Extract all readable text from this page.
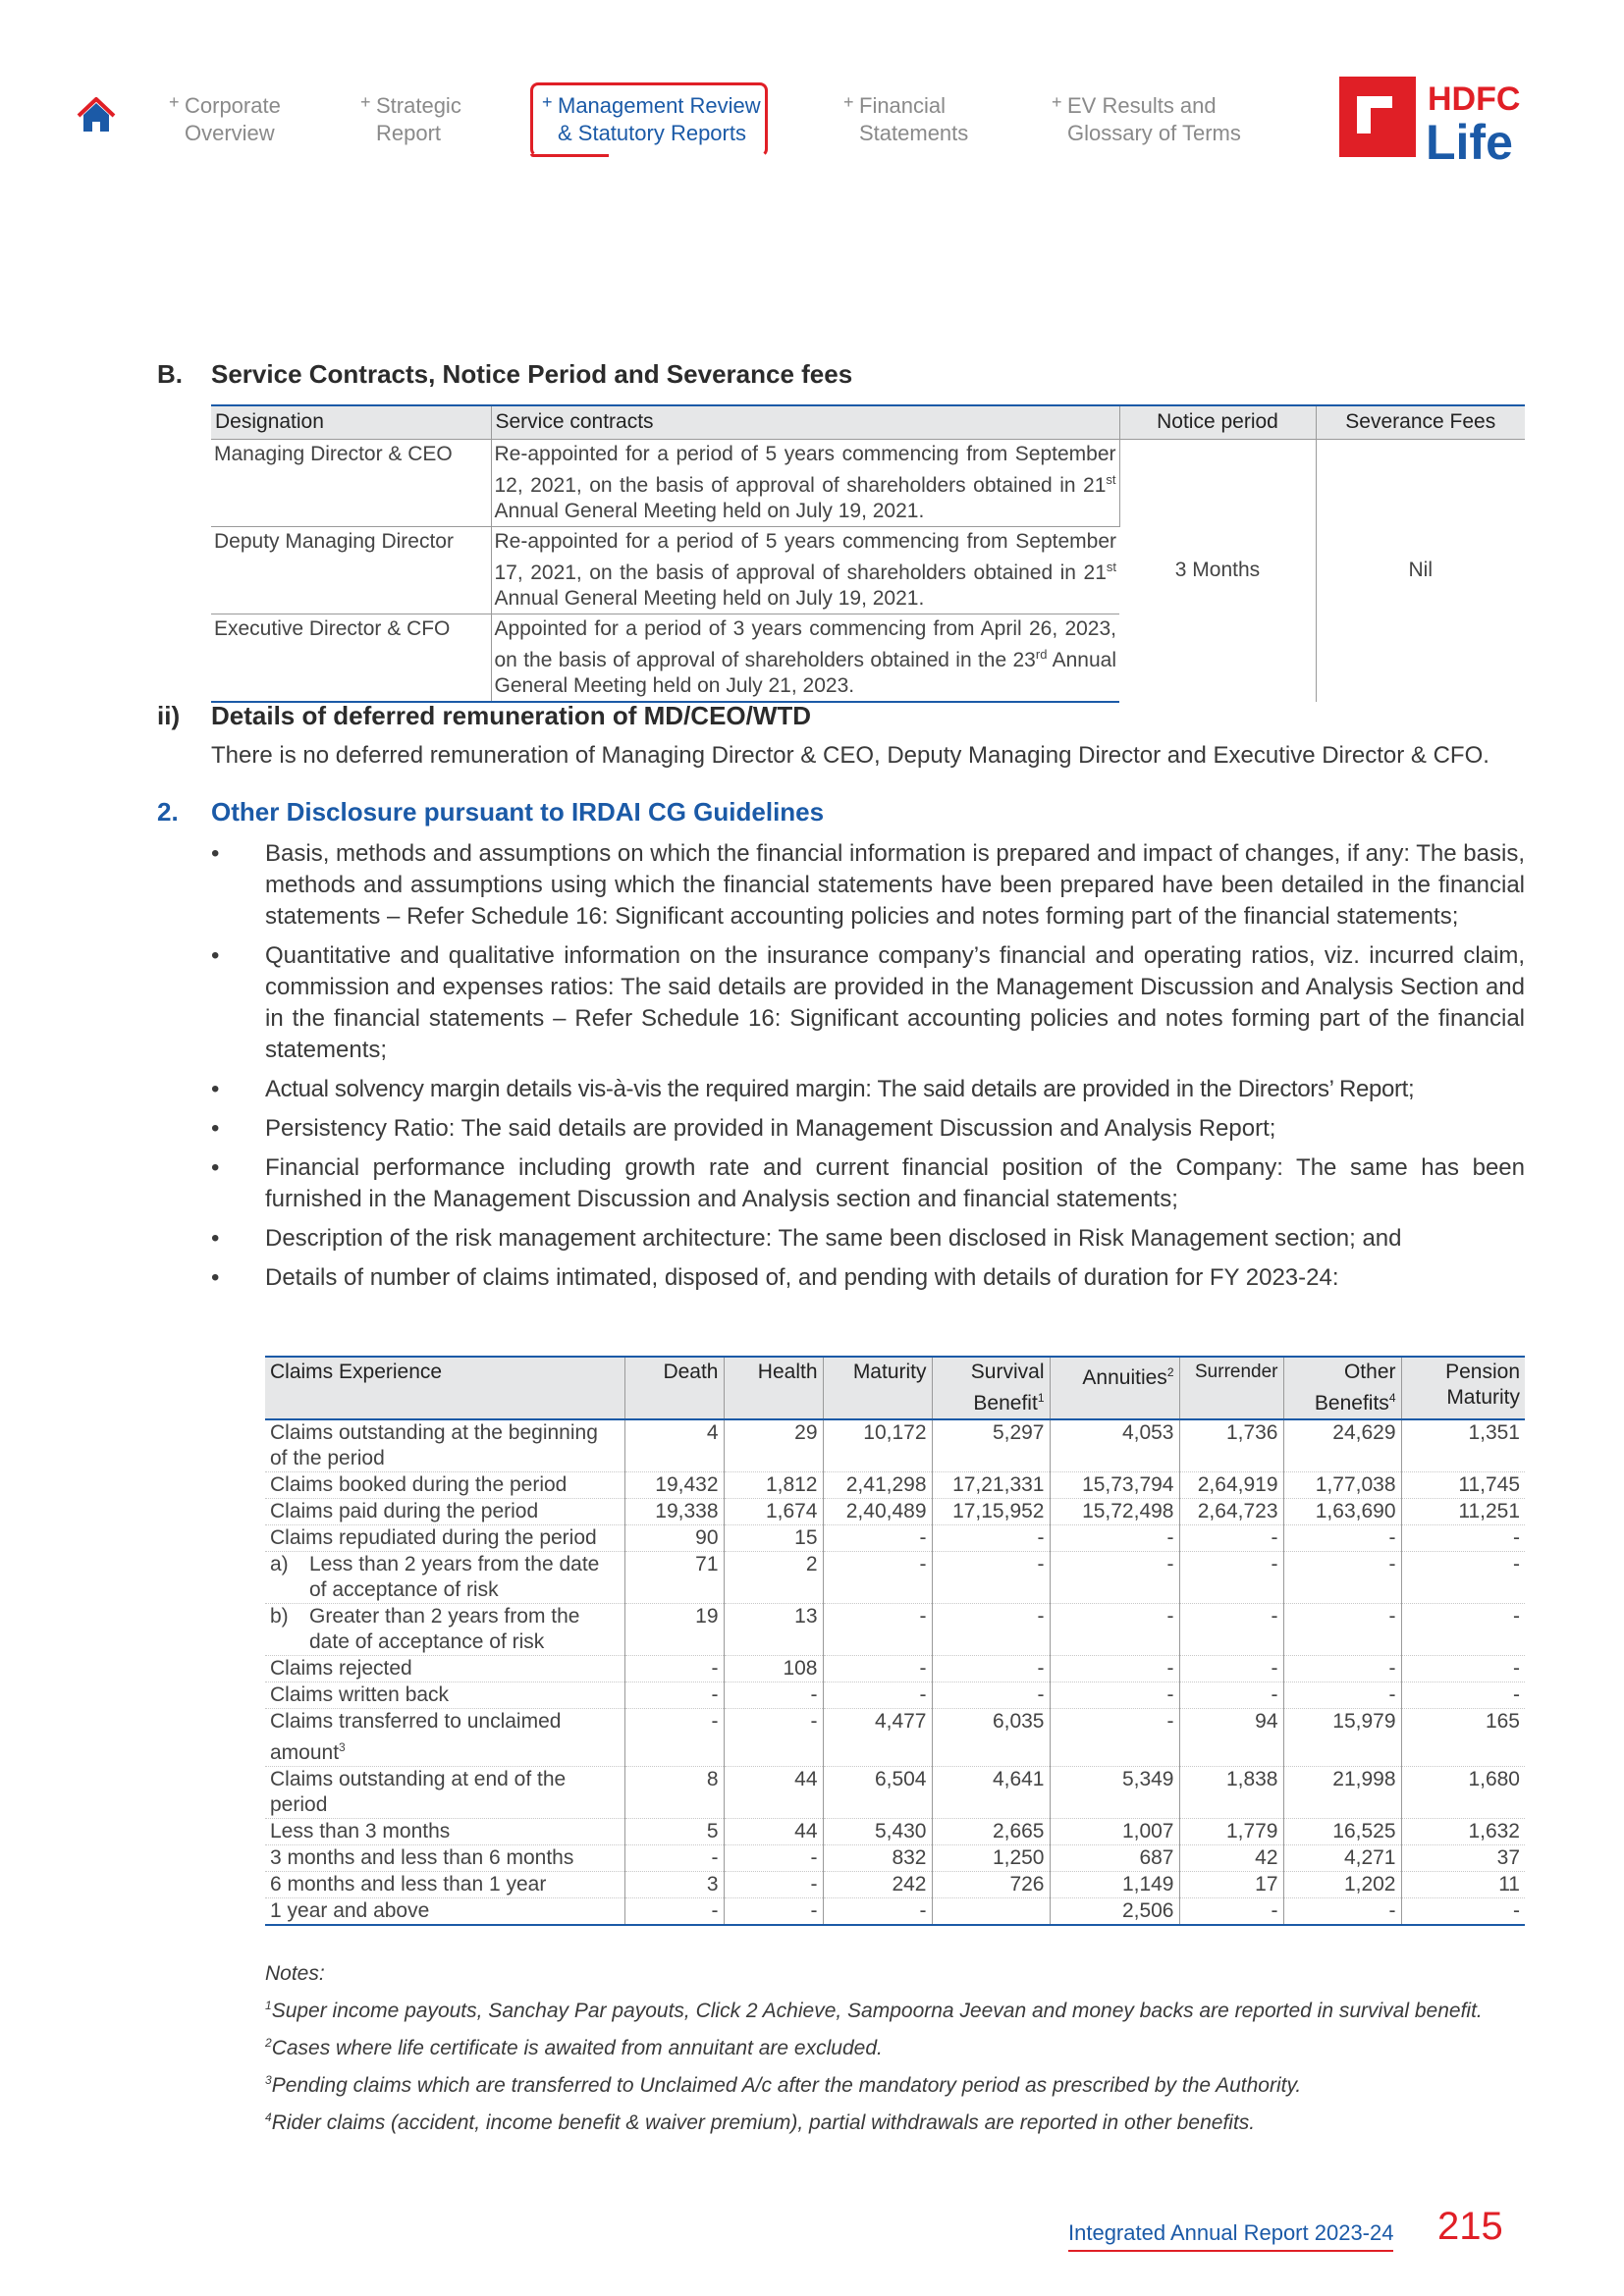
+ Corporate
Overview
+ Strategic
Report
+ Management Review
& Statutory Reports
+ Financial
Statements
+ EV Results and
Glossary of Terms
HDFC
Life
B. Service Contracts, Notice Period and Severance fees
Designation	Service contracts	Notice period	Severance Fees
Managing Director & CEO	Re-appointed for a period of 5 years commencing from September 12, 2021, on the basis of approval of shareholders obtained in 21st Annual General Meeting held on July 19, 2021.	3 Months	Nil
Deputy Managing Director	Re-appointed for a period of 5 years commencing from September 17, 2021, on the basis of approval of shareholders obtained in 21st Annual General Meeting held on July 19, 2021.		
Executive Director & CFO	Appointed for a period of 3 years commencing from April 26, 2023, on the basis of approval of shareholders obtained in the 23rd Annual General Meeting held on July 21, 2023.		
ii) Details of deferred remuneration of MD/CEO/WTD
There is no deferred remuneration of Managing Director & CEO, Deputy Managing Director and Executive Director & CFO.
2. Other Disclosure pursuant to IRDAI CG Guidelines
• Basis, methods and assumptions on which the financial information is prepared and impact of changes, if any: The basis, methods and assumptions using which the financial statements have been prepared have been detailed in the financial statements – Refer Schedule 16: Significant accounting policies and notes forming part of the financial statements;
• Quantitative and qualitative information on the insurance company’s financial and operating ratios, viz. incurred claim, commission and expenses ratios: The said details are provided in the Management Discussion and Analysis Section and in the financial statements – Refer Schedule 16: Significant accounting policies and notes forming part of the financial statements;
• Actual solvency margin details vis-à-vis the required margin: The said details are provided in the Directors’ Report;
• Persistency Ratio: The said details are provided in Management Discussion and Analysis Report;
• Financial performance including growth rate and current financial position of the Company: The same has been furnished in the Management Discussion and Analysis section and financial statements;
• Description of the risk management architecture: The same been disclosed in Risk Management section; and
• Details of number of claims intimated, disposed of, and pending with details of duration for FY 2023-24:
Claims Experience	Death	Health	Maturity	Survival Benefit$^1$	Annuities$^2$	Surrender	Other Benefits$^4$	Pension Maturity
Claims outstanding at the beginning of the period	4	29	10,172	5,297	4,053	1,736	24,629	1,351
Claims booked during the period	19,432	1,812	2,41,298	17,21,331	15,73,794	2,64,919	1,77,038	11,745
Claims paid during the period	19,338	1,674	2,40,489	17,15,952	15,72,498	2,64,723	1,63,690	11,251
Claims repudiated during the period	90	15	-	-	-	-	-	-

a) Less than 2 years from the date of acceptance of risk	71	2	-	-	-	-	-	-

b) Greater than 2 years from the date of acceptance of risk	19	13	-	-	-	-	-	-
Claims rejected	-	108	-	-	-	-	-	-
Claims written back	-	-	-	-	-	-	-	-
Claims transferred to unclaimed amount$^3$	-	-	4,477	6,035	-	94	15,979	165
Claims outstanding at end of the period	8	44	6,504	4,641	5,349	1,838	21,998	1,680
Less than 3 months	5	44	5,430	2,665	1,007	1,779	16,525	1,632
3 months and less than 6 months	-	-	832	1,250	687	42	4,271	37
6 months and less than 1 year	3	-	242	726	1,149	17	1,202	11
1 year and above	-	-	-		2,506	-	-	-

Notes:

$^1$Super income payouts, Sanchay Par payouts, Click 2 Achieve, Sampoorna Jeevan and money backs are reported in survival benefit.

$^2$Cases where life certificate is awaited from annuitant are excluded.

$^3$Pending claims which are transferred to Unclaimed A/c after the mandatory period as prescribed by the Authority.

$^4$Rider claims (accident, income benefit & waiver premium), partial withdrawals are reported in other benefits.

Integrated Annual Report 2023-24 215
